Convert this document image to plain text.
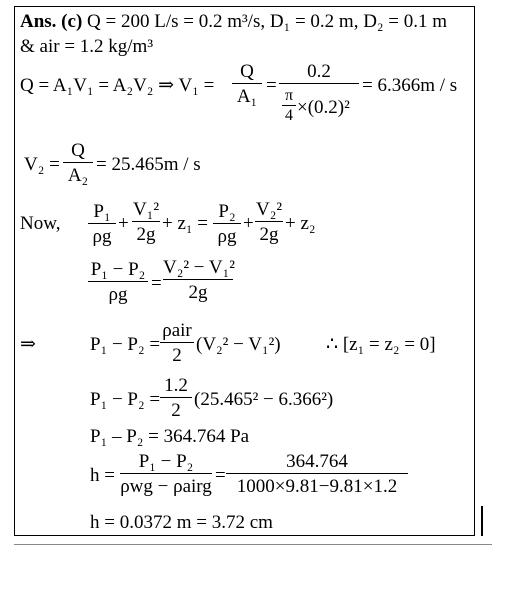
Ans. (c) Q = 200 L/s = 0.2 m³/s, D₁ = 0.2 m, D₂ = 0.1 m
& air = 1.2 kg/m³
Q = A₁V₁ = A₂V₂ ⇒ V₁ =
Q
A₁
=
0.2
π
4 ×(0.2)²
= 6.366m / s
V₂ =
Q
A₂
= 25.465m / s
Now,
P₁
ρg
+
V₁²
2g
+ z₁ =
P₂
ρg
+
V₂²
2g
+ z₂
P₁ − P₂
ρg
=
V₂² − V₁²
2g
⇒	P₁ − P₂ =
ρair
2
(V₂² − V₁²) ∴ [z₁ = z₂ = 0]
P₁ − P₂ =
1.2
2
(25.465² − 6.366²)
P₁ – P₂ = 364.764 Pa
h =
P₁ − P₂
ρwg − ρairg
=
364.764
1000×9.81−9.81×1.2
h = 0.0372 m = 3.72 cm
